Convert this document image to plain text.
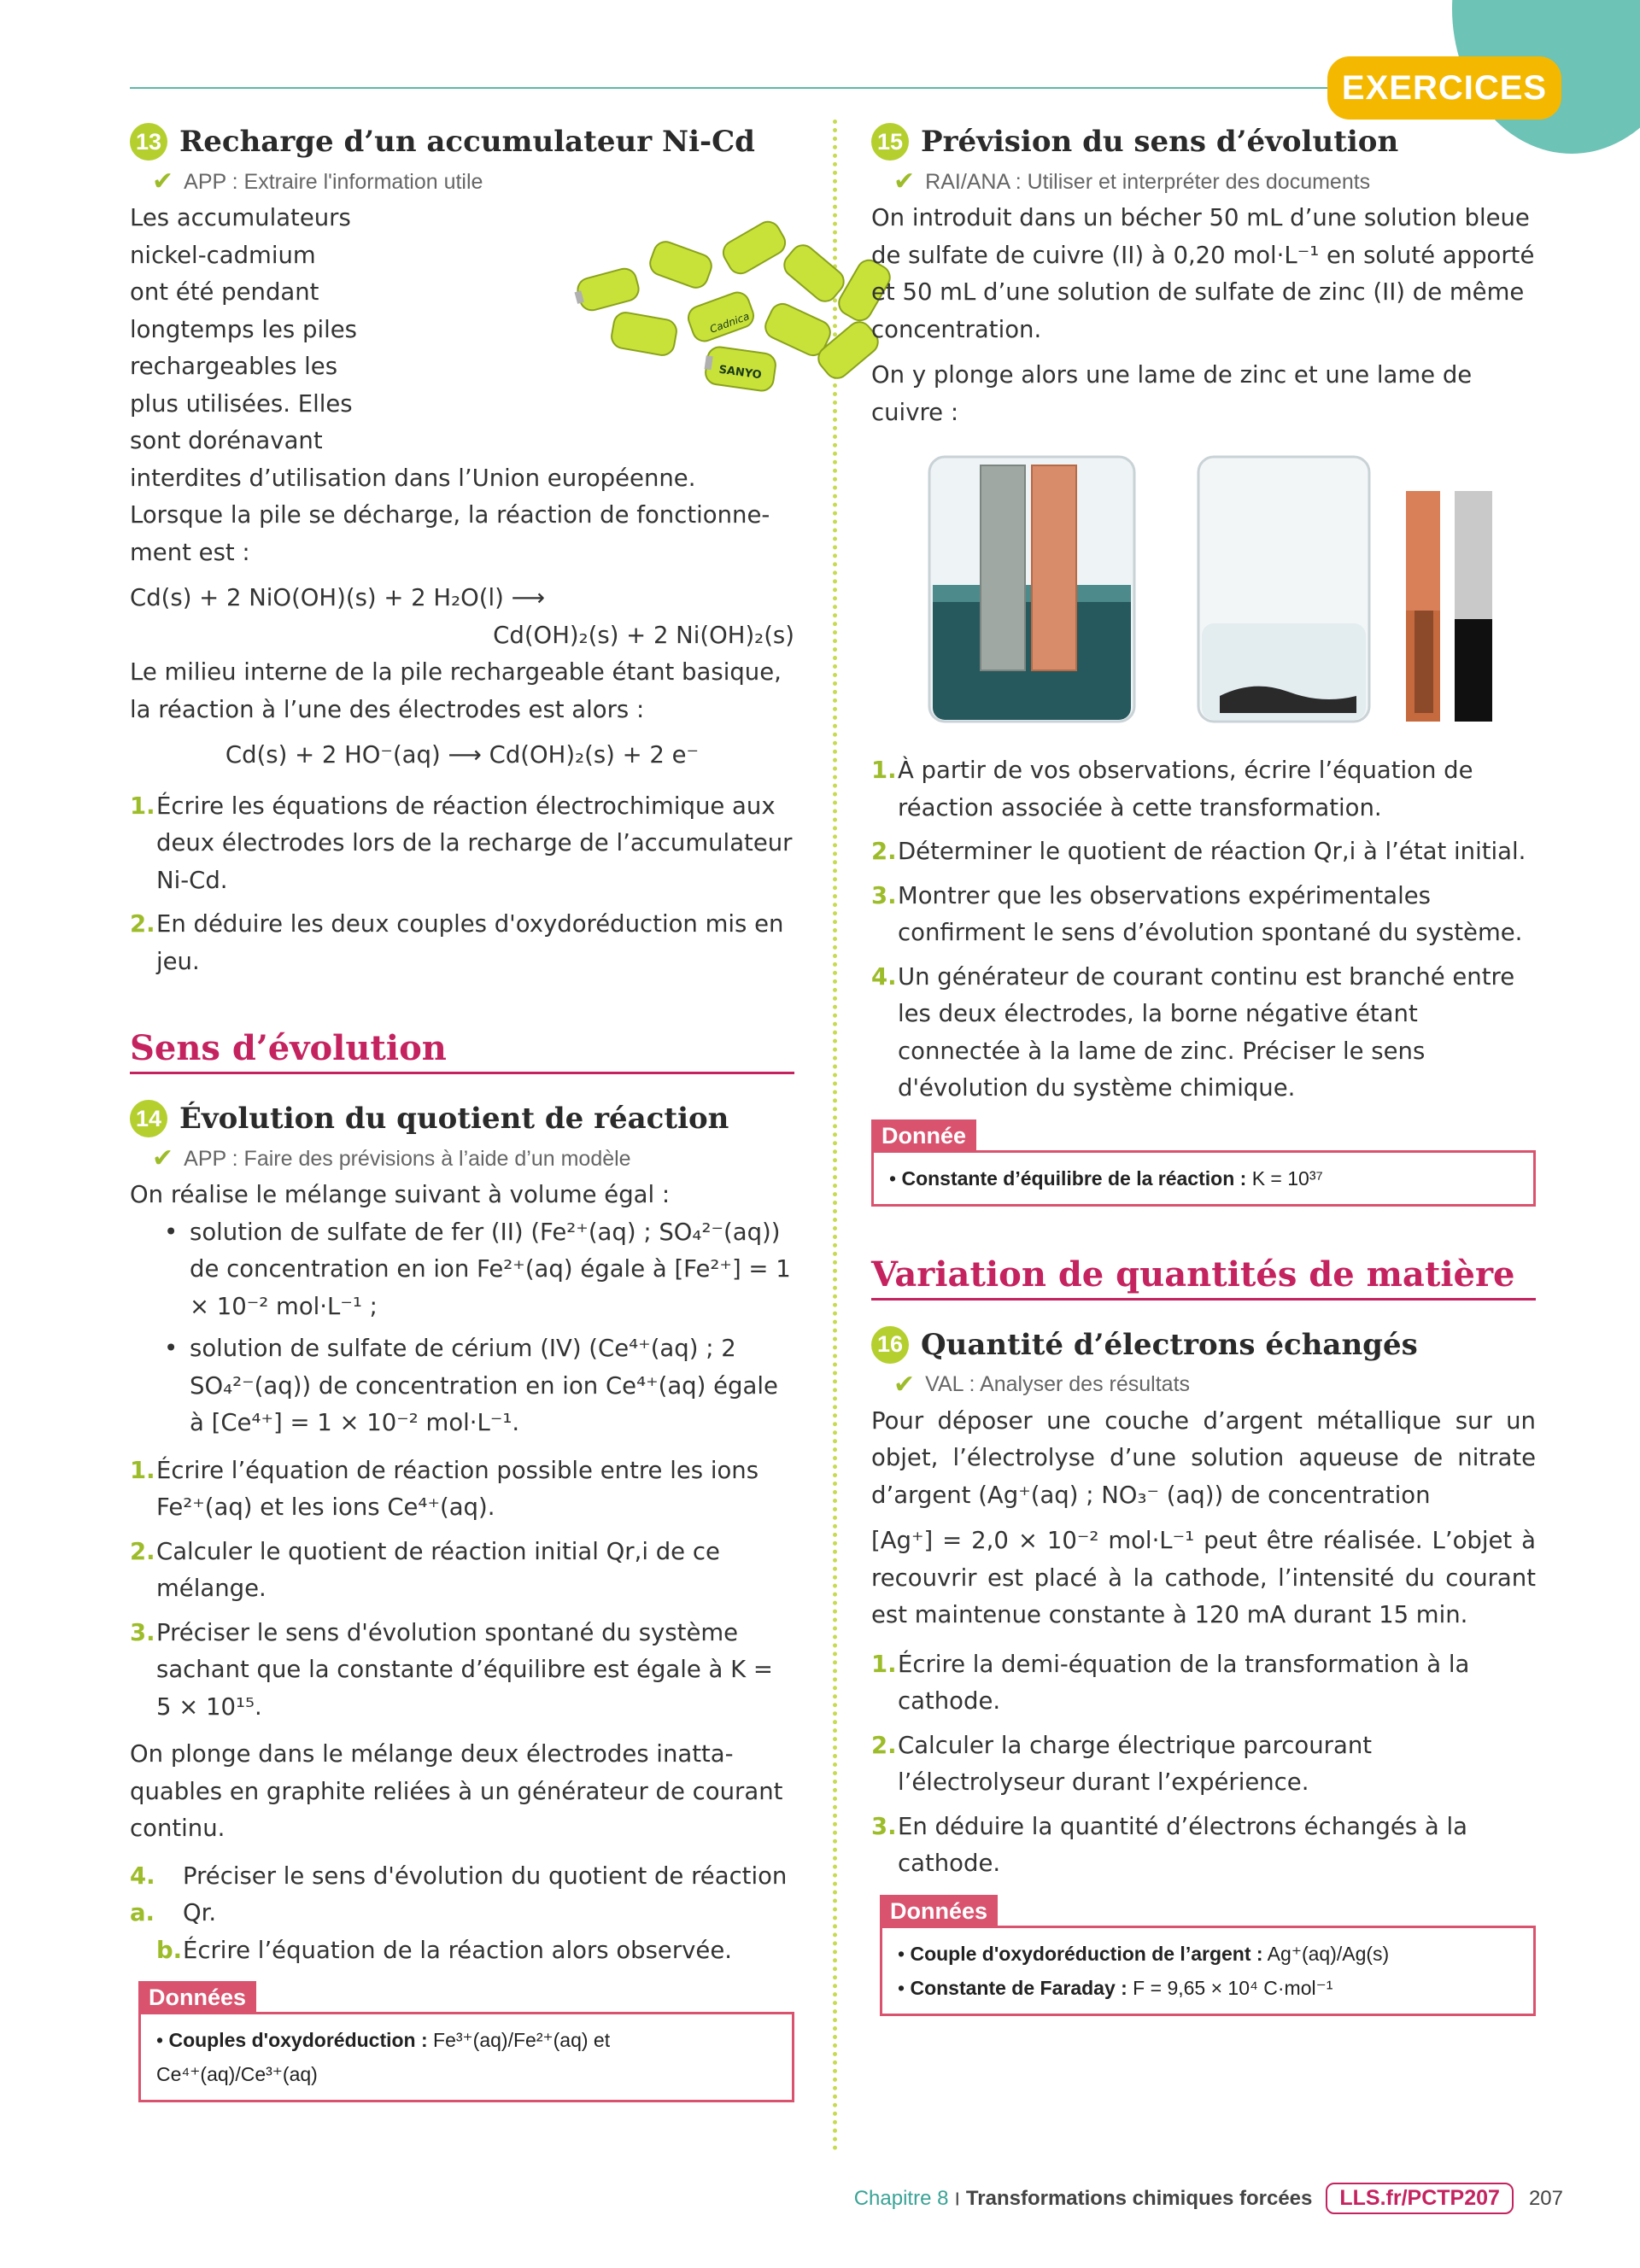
EXERCICES
13 Recharge d’un accumulateur Ni-Cd
✔ APP : Extraire l'information utile
Les accumulateurs
nickel-cadmium
ont été pendant
longtemps les piles
rechargeables les
plus utilisées. Elles
sont dorénavant
interdites d’utilisation dans l’Union européenne.
SANYO
Cadnica
Lorsque la pile se décharge, la réaction de fonctionne-ment est :
Cd(s) + 2 NiO(OH)(s) + 2 H₂O(l) ⟶
Cd(OH)₂(s) + 2 Ni(OH)₂(s)
Le milieu interne de la pile rechargeable étant basique, la réaction à l’une des électrodes est alors :
Cd(s) + 2 HO⁻(aq) ⟶ Cd(OH)₂(s) + 2 e⁻
1. Écrire les équations de réaction électrochimique aux deux électrodes lors de la recharge de l’accumulateur Ni-Cd.
2. En déduire les deux couples d'oxydoréduction mis en jeu.
Sens d’évolution
14 Évolution du quotient de réaction
✔ APP : Faire des prévisions à l’aide d’un modèle
On réalise le mélange suivant à volume égal :
• solution de sulfate de fer (II) (Fe²⁺(aq) ; SO₄²⁻(aq)) de concentration en ion Fe²⁺(aq) égale à [Fe²⁺] = 1 × 10⁻² mol·L⁻¹ ;
• solution de sulfate de cérium (IV) (Ce⁴⁺(aq) ; 2 SO₄²⁻(aq)) de concentration en ion Ce⁴⁺(aq) égale à [Ce⁴⁺] = 1 × 10⁻² mol·L⁻¹.
1. Écrire l’équation de réaction possible entre les ions Fe²⁺(aq) et les ions Ce⁴⁺(aq).
2. Calculer le quotient de réaction initial Qr,i de ce mélange.
3. Préciser le sens d'évolution spontané du système sachant que la constante d’équilibre est égale à K = 5 × 10¹⁵.
On plonge dans le mélange deux électrodes inatta-quables en graphite reliées à un générateur de courant continu.
4. a.
Préciser le sens d'évolution du quotient de réaction Qr.
b. Écrire l’équation de la réaction alors observée.
Données
• Couples d'oxydoréduction : Fe³⁺(aq)/Fe²⁺(aq) et Ce⁴⁺(aq)/Ce³⁺(aq)
15 Prévision du sens d’évolution
✔ RAI/ANA : Utiliser et interpréter des documents
On introduit dans un bécher 50 mL d’une solution bleue de sulfate de cuivre (II) à 0,20 mol·L⁻¹ en soluté apporté et 50 mL d’une solution de sulfate de zinc (II) de même concentration.
On y plonge alors une lame de zinc et une lame de cuivre :
1. À partir de vos observations, écrire l’équation de réaction associée à cette transformation.
2. Déterminer le quotient de réaction Qr,i à l’état initial.
3. Montrer que les observations expérimentales confirment le sens d’évolution spontané du système.
4. Un générateur de courant continu est branché entre les deux électrodes, la borne négative étant connectée à la lame de zinc. Préciser le sens d'évolution du système chimique.
Donnée
• Constante d’équilibre de la réaction : K = 10³⁷
Variation de quantités de matière
16 Quantité d’électrons échangés
✔ VAL : Analyser des résultats
Pour déposer une couche d’argent métallique sur un objet, l’électrolyse d’une solution aqueuse de nitrate d’argent (Ag⁺(aq) ; NO₃⁻ (aq)) de concentration
[Ag⁺] = 2,0 × 10⁻² mol·L⁻¹ peut être réalisée. L’objet à recouvrir est placé à la cathode, l’intensité du courant est maintenue constante à 120 mA durant 15 min.
1. Écrire la demi-équation de la transformation à la cathode.
2. Calculer la charge électrique parcourant l’électrolyseur durant l’expérience.
3. En déduire la quantité d’électrons échangés à la cathode.
Données
• Couple d'oxydoréduction de l’argent : Ag⁺(aq)/Ag(s)
• Constante de Faraday : F = 9,65 × 10⁴ C·mol⁻¹
Chapitre 8 | Transformations chimiques forcées	LLS.fr/PCTP207	207
